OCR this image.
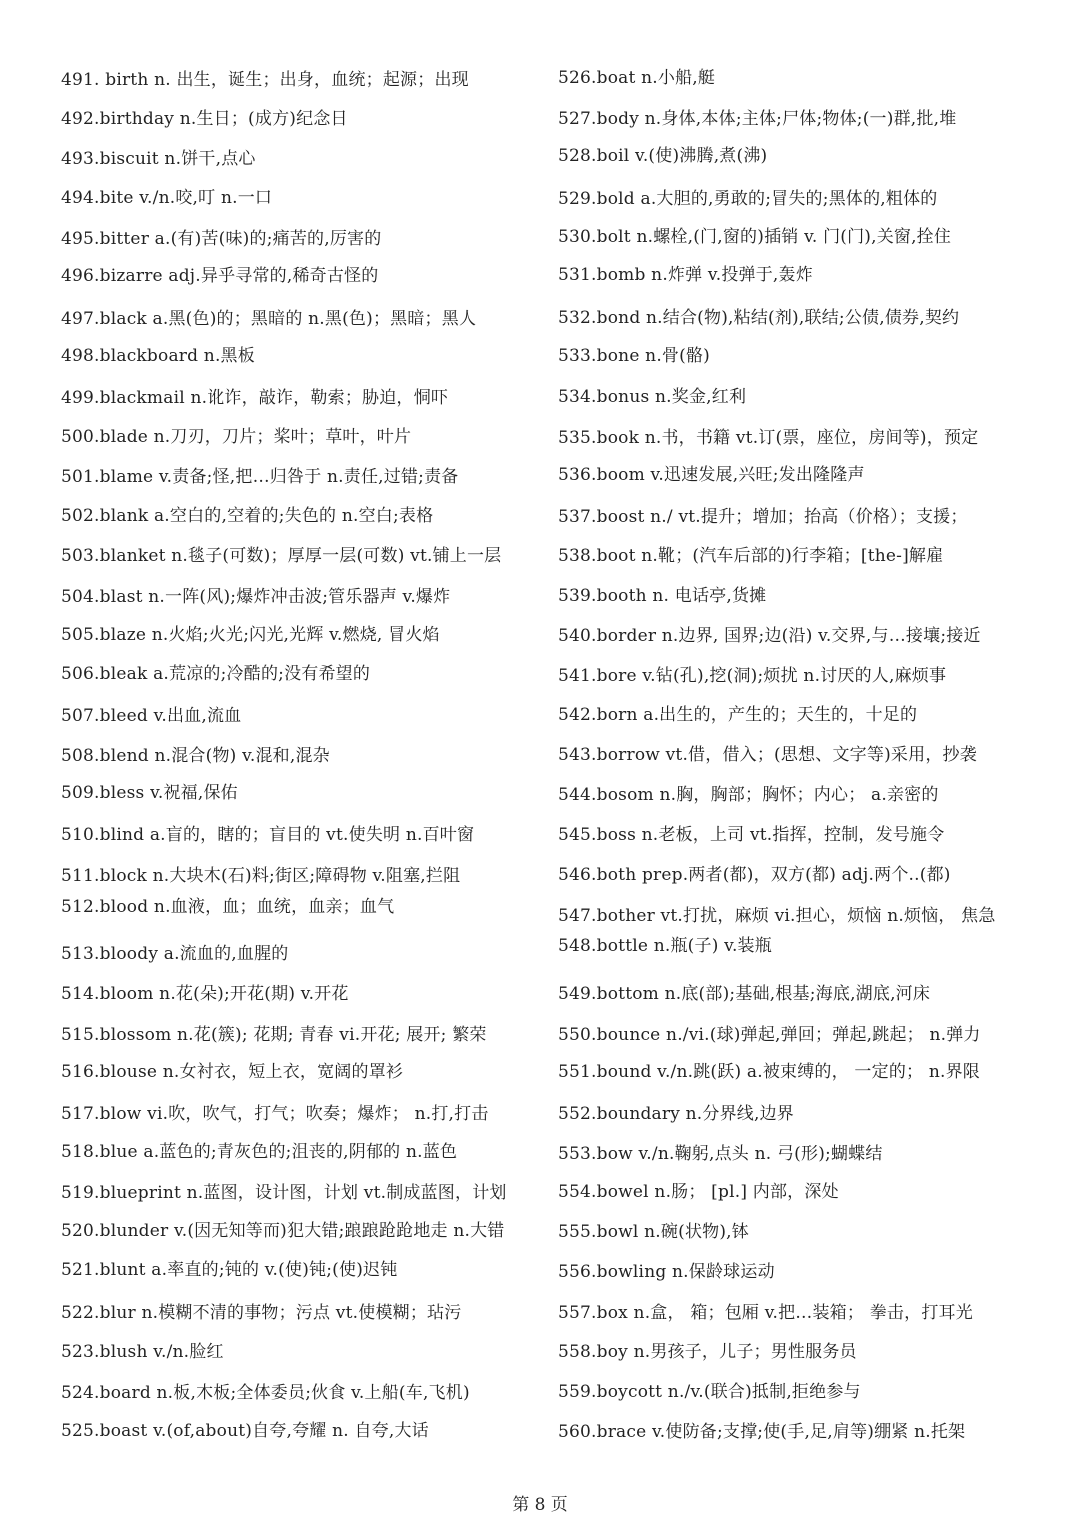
491. birth n. 出生，诞生；出身，血统；起源；出现
492.birthday n.生日；(成方)纪念日
493.biscuit n.饼干,点心
494.bite v./n.咬,叮 n.一口
495.bitter a.(有)苦(味)的;痛苦的,厉害的
496.bizarre adj.异乎寻常的,稀奇古怪的
497.black a.黑(色)的；黑暗的 n.黑(色)；黑暗；黑人
498.blackboard n.黑板
499.blackmail n.讹诈，敲诈，勒索；胁迫，恫吓
500.blade n.刀刃，刀片；桨叶；草叶，叶片
501.blame v.责备;怪,把…归咎于 n.责任,过错;责备
502.blank a.空白的,空着的;失色的 n.空白;表格
503.blanket n.毯子(可数)；厚厚一层(可数) vt.铺上一层
504.blast n.一阵(风);爆炸冲击波;管乐器声 v.爆炸
505.blaze n.火焰;火光;闪光,光辉 v.燃烧, 冒火焰
506.bleak a.荒凉的;冷酷的;没有希望的
507.bleed v.出血,流血
508.blend n.混合(物) v.混和,混杂
509.bless v.祝福,保佑
510.blind a.盲的，瞎的；盲目的 vt.使失明 n.百叶窗
511.block n.大块木(石)料;街区;障碍物 v.阻塞,拦阻
512.blood n.血液，血；血统，血亲；血气
513.bloody a.流血的,血腥的
514.bloom n.花(朵);开花(期) v.开花
515.blossom n.花(簇); 花期; 青春 vi.开花; 展开; 繁荣
516.blouse n.女衬衣，短上衣，宽阔的罩衫
517.blow vi.吹，吹气，打气；吹奏；爆炸； n.打,打击
518.blue a.蓝色的;青灰色的;沮丧的,阴郁的 n.蓝色
519.blueprint n.蓝图，设计图，计划 vt.制成蓝图，计划
520.blunder v.(因无知等而)犯大错;踉踉跄跄地走 n.大错
521.blunt a.率直的;钝的 v.(使)钝;(使)迟钝
522.blur n.模糊不清的事物；污点 vt.使模糊；玷污
523.blush v./n.脸红
524.board n.板,木板;全体委员;伙食 v.上船(车,飞机)
525.boast v.(of,about)自夸,夸耀 n. 自夸,大话
526.boat n.小船,艇
527.body n.身体,本体;主体;尸体;物体;(一)群,批,堆
528.boil v.(使)沸腾,煮(沸)
529.bold a.大胆的,勇敢的;冒失的;黑体的,粗体的
530.bolt n.螺栓,(门,窗的)插销 v. 门(门),关窗,拴住
531.bomb n.炸弹 v.投弹于,轰炸
532.bond n.结合(物),粘结(剂),联结;公债,债券,契约
533.bone n.骨(骼)
534.bonus n.奖金,红利
535.book n.书，书籍 vt.订(票，座位，房间等)，预定
536.boom v.迅速发展,兴旺;发出隆隆声
537.boost n./ vt.提升；增加；抬高（价格）；支援；
538.boot n.靴；(汽车后部的)行李箱；[the-]解雇
539.booth n. 电话亭,货摊
540.border n.边界, 国界;边(沿) v.交界,与…接壤;接近
541.bore v.钻(孔),挖(洞);烦扰 n.讨厌的人,麻烦事
542.born a.出生的，产生的；天生的，十足的
543.borrow vt.借，借入；(思想、文字等)采用，抄袭
544.bosom n.胸，胸部；胸怀；内心； a.亲密的
545.boss n.老板，上司 vt.指挥，控制，发号施令
546.both prep.两者(都)，双方(都) adj.两个..(都)
547.bother vt.打扰，麻烦 vi.担心，烦恼 n.烦恼， 焦急
548.bottle n.瓶(子) v.装瓶
549.bottom n.底(部);基础,根基;海底,湖底,河床
550.bounce n./vi.(球)弹起,弹回；弹起,跳起； n.弹力
551.bound v./n.跳(跃) a.被束缚的， 一定的； n.界限
552.boundary n.分界线,边界
553.bow v./n.鞠躬,点头 n. 弓(形);蝴蝶结
554.bowel n.肠； [pl.] 内部，深处
555.bowl n.碗(状物),钵
556.bowling n.保龄球运动
557.box n.盒， 箱；包厢 v.把…装箱； 拳击，打耳光
558.boy n.男孩子，儿子；男性服务员
559.boycott n./v.(联合)抵制,拒绝参与
560.brace v.使防备;支撑;使(手,足,肩等)绷紧 n.托架
第 8 页
